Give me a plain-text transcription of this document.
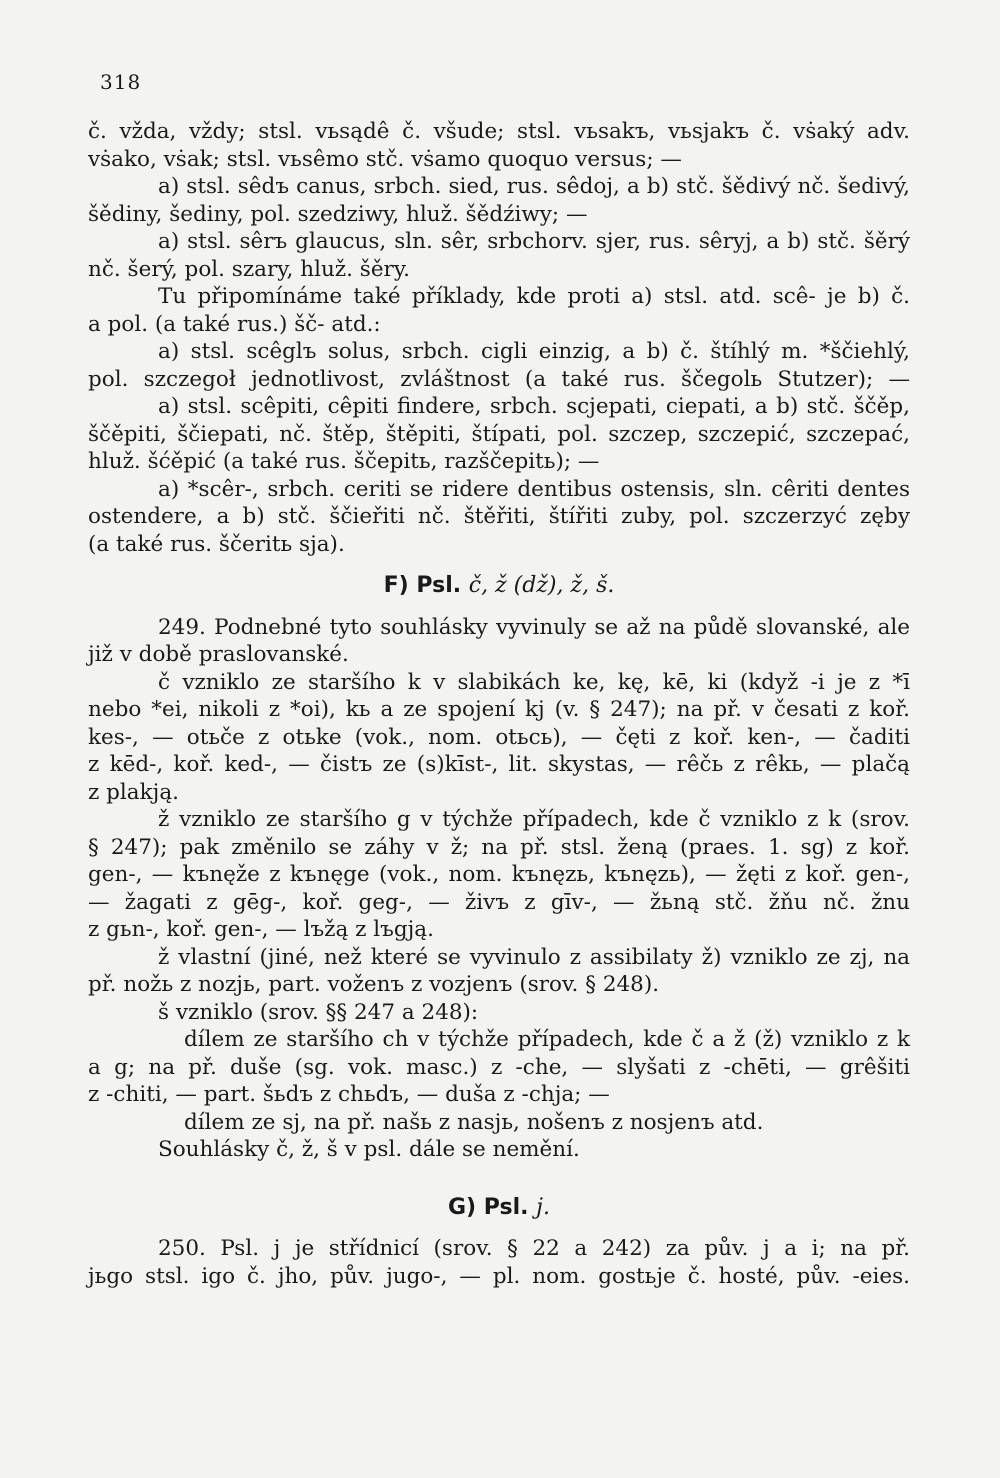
318

č. vžda, vždy; stsl. vьsądê č. všude; stsl. vьsakъ, vьsjakъ č. vṡaký adv.

vṡako, vṡak; stsl. vьsêmo stč. vṡamo quoquo versus; —

a) stsl. sêdъ canus, srbch. sied, rus. sêdoj, a b) stč. šědivý nč. šedivý,

šědiny, šediny, pol. szedziwy, hluž. šědźiwy; —

a) stsl. sêrъ glaucus, sln. sêr, srbchorv. sjer, rus. sêryj, a b) stč. šěrý

nč. šerý, pol. szary, hluž. šěry.

Tu připomínáme také příklady, kde proti a) stsl. atd. scê- je b) č.

a pol. (a také rus.) šč- atd.:

a) stsl. scêglъ solus, srbch. cigli einzig, a b) č. štíhlý m. *ščiehlý,

pol. szczegoł jednotlivost, zvláštnost (a také rus. ščegolь Stutzer); —

a) stsl. scêpiti, cêpiti findere, srbch. scjepati, ciepati, a b) stč. ščěp,

ščěpiti, ščiepati, nč. štěp, štěpiti, štípati, pol. szczep, szczepić, szczepać,

hluž. šćěpić (a také rus. ščepitь, razščepitь); —

a) *scêr-, srbch. ceriti se ridere dentibus ostensis, sln. cêriti dentes

ostendere, a b) stč. ščieřiti nč. štěřiti, štířiti zuby, pol. szczerzyć zęby

(a také rus. ščeritь sja).

F) Psl. č, ž (dž), ž, š.

249. Podnebné tyto souhlásky vyvinuly se až na půdě slovanské, ale

již v době praslovanské.

č vzniklo ze staršího k v slabikách ke, kę, kē, ki (když -i je z *ī

nebo *ei, nikoli z *oi), kь a ze spojení kj (v. § 247); na př. v česati z koř.

kes-, — otьče z otьke (vok., nom. otьcь), — čęti z koř. ken-, — čaditi

z kēd-, koř. ked-, — čistъ ze (s)kīst-, lit. skystas, — rêčь z rêkь, — plačą

z plakją.

ž vzniklo ze staršího g v týchže případech, kde č vzniklo z k (srov.

§ 247); pak změnilo se záhy v ž; na př. stsl. ženą (praes. 1. sg) z koř.

gen-, — kъnęže z kъnęge (vok., nom. kъnęzь, kъnęzь), — žęti z koř. gen-,

— žagati z gēg-, koř. geg-, — živъ z gīv-, — žьną stč. žňu nč. žnu

z gьn-, koř. gen-, — lъžą z lъgją.

ž vlastní (jiné, než které se vyvinulo z assibilaty ž) vzniklo ze zj, na

př. nožь z nozjь, part. voženъ z vozjenъ (srov. § 248).

š vzniklo (srov. §§ 247 a 248):

dílem ze staršího ch v týchže případech, kde č a ž (ž) vzniklo z k

a g; na př. duše (sg. vok. masc.) z -che, — slyšati z -chēti, — grêšiti

z -chiti, — part. šьdъ z chьdъ, — duša z -chja; —

dílem ze sj, na př. našь z nasjь, nošenъ z nosjenъ atd.

Souhlásky č, ž, š v psl. dále se nemění.

G) Psl. j.

250. Psl. j je střídnicí (srov. § 22 a 242) za pův. j a i; na př.

jьgo stsl. igo č. jho, pův. jugo-, — pl. nom. gostьje č. hosté, pův. -eies.
